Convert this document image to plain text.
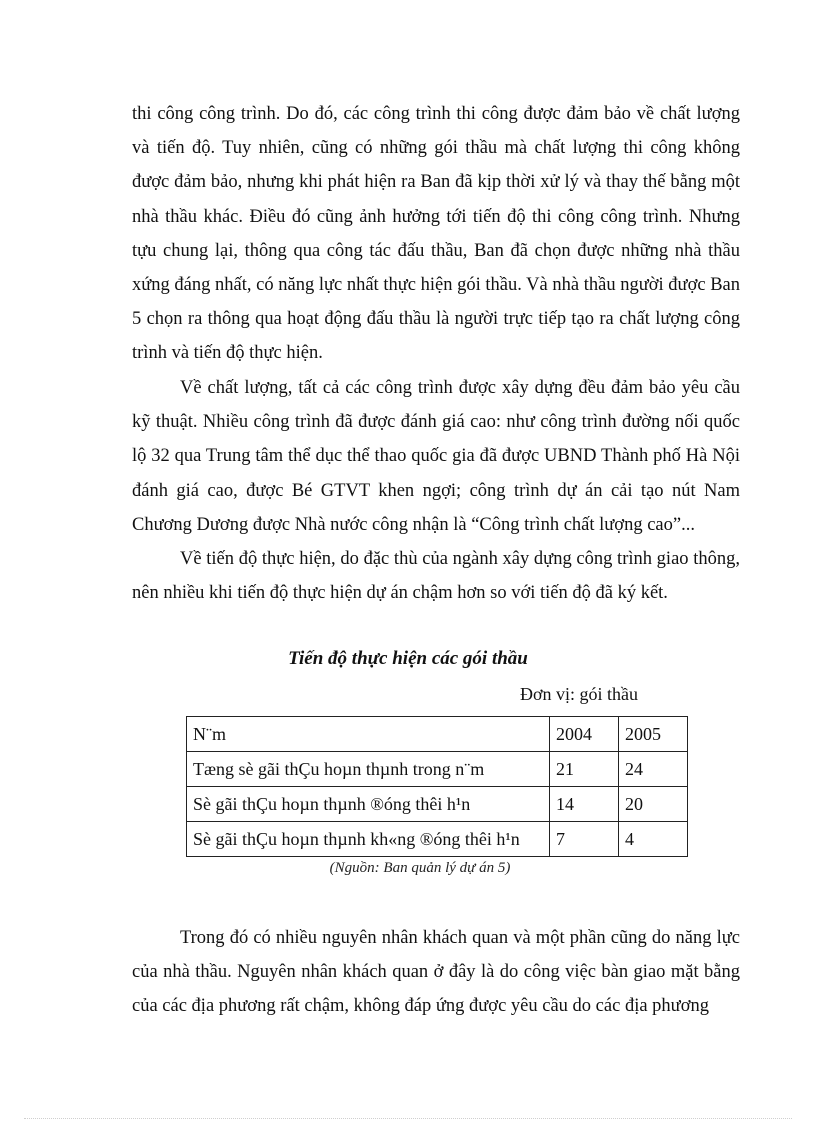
thi công công trình. Do đó, các công trình thi công được đảm bảo về chất lượng và tiến độ. Tuy nhiên, cũng có những gói thầu mà chất lượng thi công không được đảm bảo, nhưng khi phát hiện ra Ban đã kịp thời xử lý và thay thế bằng một nhà thầu khác. Điều đó cũng ảnh hưởng tới tiến độ thi công công trình. Nhưng tựu chung lại, thông qua công tác đấu thầu, Ban đã chọn được những nhà thầu xứng đáng nhất, có năng lực nhất thực hiện gói thầu. Và nhà thầu người được Ban 5 chọn ra thông qua hoạt động đấu thầu là người trực tiếp tạo ra chất lượng công trình và tiến độ thực hiện.

Về chất lượng, tất cả các công trình được xây dựng đều đảm bảo yêu cầu kỹ thuật. Nhiều công trình đã được đánh giá cao: như công trình đường nối quốc lộ 32 qua Trung tâm thể dục thể thao quốc gia đã được UBND Thành phố Hà Nội đánh giá cao, được Bé GTVT khen ngợi; công trình dự án cải tạo nút Nam Chương Dương được Nhà nước công nhận là “Công trình chất lượng cao”...

Về tiến độ thực hiện, do đặc thù của ngành xây dựng công trình giao thông, nên nhiều khi tiến độ thực hiện dự án chậm hơn so với tiến độ đã ký kết.

Tiến độ thực hiện các gói thầu
Đơn vị: gói thầu
N¨m	2004	2005
Tæng sè gãi thÇu hoµn thµnh trong n¨m	21	24
Sè gãi thÇu hoµn thµnh ®óng thêi h¹n	14	20
Sè gãi thÇu hoµn thµnh kh«ng ®óng thêi h¹n	7	4
(Nguồn: Ban quản lý dự án 5)

Trong đó có nhiều nguyên nhân khách quan và một phần cũng do năng lực của nhà thầu. Nguyên nhân khách quan ở đây là do công việc bàn giao mặt bằng của các địa phương rất chậm, không đáp ứng được yêu cầu do các địa phương
